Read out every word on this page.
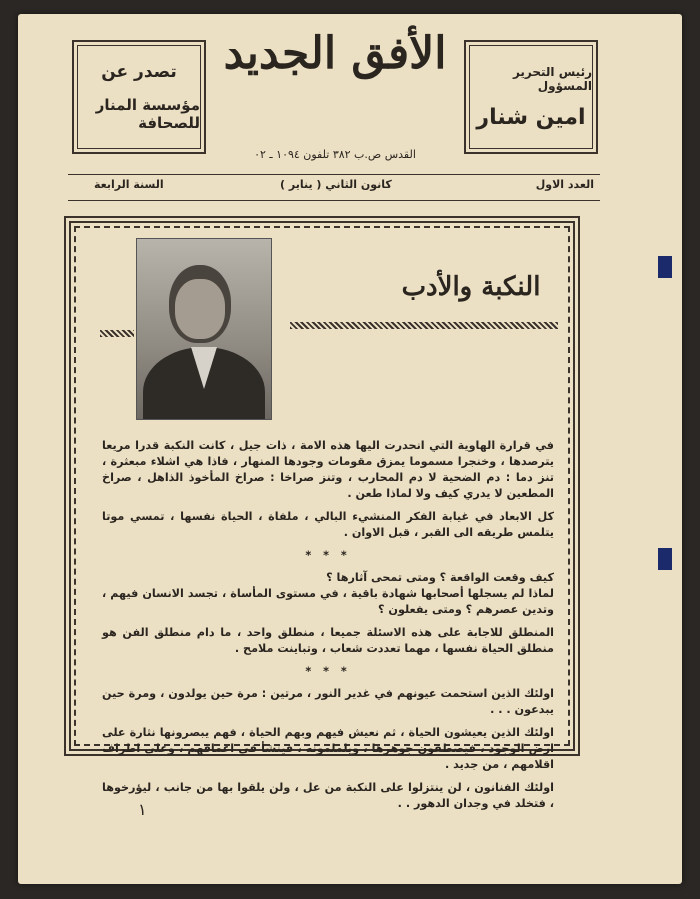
تصدر عن
مؤسسة المنار للصحافة
الأفق الجديد	رئيس التحرير المسؤول
امين شنار
القدس ص.ب ٣٨٢ تلفون ١٠٩٤ ـ ٠٢
العدد الاول
كانون الثاني ( يناير )
السنة الرابعة
النكبة والأدب

في قرارة الهاوية التي انحدرت اليها هذه الامة ، ذات جيل ، كانت النكبة قدرا مريعا يترصدها ، وخنجرا مسموما يمزق مقومات وجودها المنهار ، فاذا هي اشلاء مبعثرة ، تنز دما : دم الضحية لا دم المحارب ، وتنز صراخا : صراخ المأخوذ الذاهل ، صراخ المطعين لا يدري كيف ولا لماذا طعن .

كل الابعاد في غيابة الفكر المنشيء البالي ، ملفاة ، الحياة نفسها ، تمسي موتا يتلمس طريقه الى القبر ، قبل الاوان .

* * *

كيف وقعت الواقعة ؟ ومتى تمحى آثارها ؟

لماذا لم يسجلها أصحابها شهادة باقية ، في مستوى المأساة ، تجسد الانسان فيهم ، وتدين عصرهم ؟ ومتى يفعلون ؟

المنطلق للاجابة على هذه الاسئلة جميعا ، منطلق واحد ، ما دام منطلق الفن هو منطلق الحياة نفسها ، مهما تعددت شعاب ، وتباينت ملامح .

* * *

اولئك الذين استحمت عيونهم في غدير النور ، مرتين : مرة حين يولدون ، ومرة حين يبدعون . . .

اولئك الذين يعيشون الحياة ، ثم نعيش فيهم وبهم الحياة ، فهم يبصرونها نثارة على ارض الوجود ، فيصطفون جوهرها ، ويلملمونه ، فينشأ في اعماقهم ، وعلى اطراف اقلامهم ، من جديد .

اولئك الفنانون ، لن ينتزلوا على النكبة من عل ، ولن يلقوا بها من جانب ، ليؤرخوها ، فتخلد في وجدان الدهور . .

١
